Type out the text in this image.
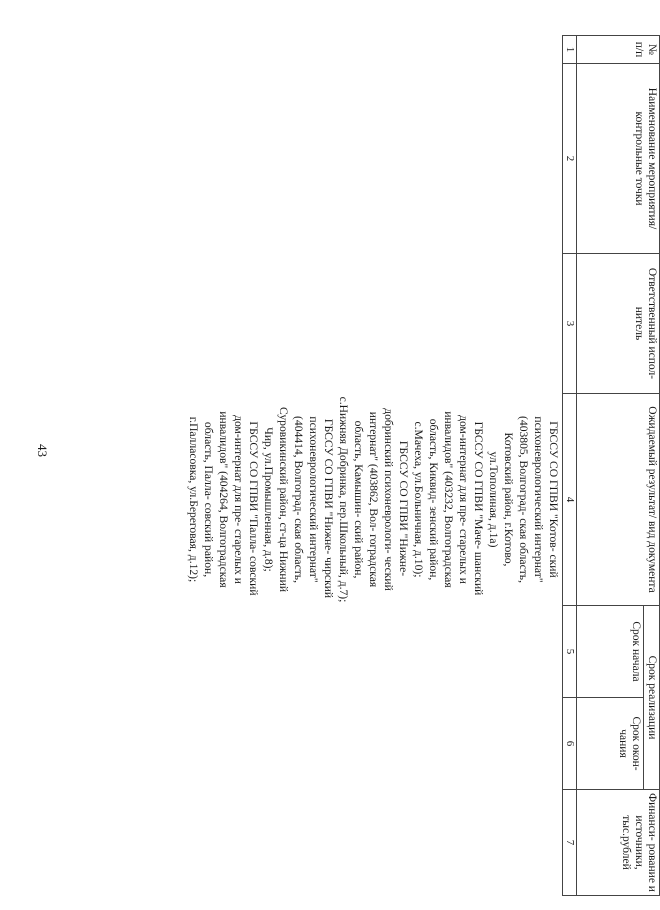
43
№ п/п	Наименование мероприятия/ контрольные точки	Ответственный испол- нитель	Ожидаемый результат/ вид документа	Срок реализации		Финанси- рование и источники, тыс.рублей
				Срок начала	Срок окон- чания	
1	2	3	4	5	6	7

			ГБССУ СО ГПВИ "Котов- ский психоневрологический интернат" (403805, Волгоград- ская область, Котовский район, г.Котово, ул.Тополиная, д.1а)
ГБССУ СО ГПВИ "Маче- шанский дом-интернат для пре- старелых и инвалидов" (403232, Волгоградская область, Киквид- зенский район, с.Мачеха, ул.Больничная, д.10);
ГБССУ СО ГПВИ "Нижне- добринский психоневрологи- ческий интернат" (403862, Вол- гоградская область, Камышин- ский район, с.Нижняя Добринка, пер.Школьный, д.7);
ГБССУ СО ГПВИ "Нижне- чирский психоневрологический интернат" (404414, Волгоград- ская область, Суровикинский район, ст-ца Нижний Чир, ул.Промышленная, д.8);
ГБССУ СО ГПВИ "Палла- совский дом-интернат для пре- старелых и инвалидов" (404264, Волгоградская область, Палла- совский район, г.Палласовка, ул.Береговая, д.12);			
